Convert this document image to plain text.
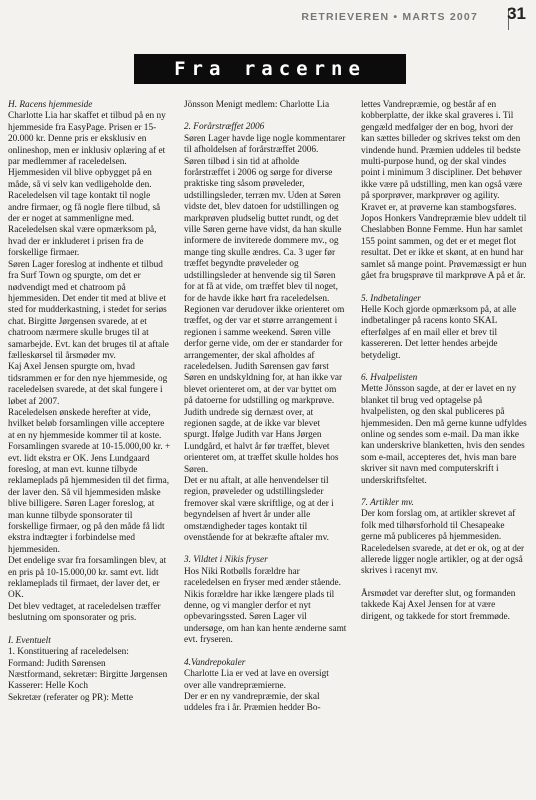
RETRIEVEREN • MARTS 2007 31
Fra racerne

H. Racens hjemmeside

Charlotte Lia har skaffet et tilbud på en ny hjemmeside fra EasyPage. Prisen er 15-20.000 kr. Denne pris er eksklusiv en onlineshop, men er inklusiv oplæring af et par medlemmer af raceledelsen. Hjemmesiden vil blive opbygget på en måde, så vi selv kan vedligeholde den. Raceledelsen vil tage kontakt til nogle andre firmaer, og få nogle flere tilbud, så der er noget at sammenligne med. Raceledelsen skal være opmærksom på, hvad der er inkluderet i prisen fra de forskellige firmaer.

Søren Lager foreslog at indhente et tilbud fra Surf Town og spurgte, om det er nødvendigt med et chatroom på hjemmesiden. Det ender tit med at blive et sted for mudderkastning, i stedet for seriøs chat. Birgitte Jørgensen svarede, at et chatroom nærmere skulle bruges til at samarbejde. Evt. kan det bruges til at aftale fælleskørsel til årsmøder mv.

Kaj Axel Jensen spurgte om, hvad tidsrammen er for den nye hjemmeside, og raceledelsen svarede, at det skal fungere i løbet af 2007.

Raceledelsen ønskede herefter at vide, hvilket beløb forsamlingen ville acceptere at en ny hjemmeside kommer til at koste. Forsamlingen svarede at 10-15.000,00 kr. + evt. lidt ekstra er OK. Jens Lundgaard foreslog, at man evt. kunne tilbyde reklameplads på hjemmesiden til det firma, der laver den. Så vil hjemmesiden måske blive billigere. Søren Lager foreslog, at man kunne tilbyde sponsorater til forskellige firmaer, og på den måde få lidt ekstra indtægter i forbindelse med hjemmesiden.

Det endelige svar fra forsamlingen blev, at en pris på 10-15.000,00 kr. samt evt. lidt reklameplads til firmaet, der laver det, er OK.

Det blev vedtaget, at raceledelsen træffer beslutning om sponsorater og pris.

I. Eventuelt

1. Konstituering af raceledelsen:

Formand: Judith Sørensen

Næstformand, sekretær: Birgitte Jørgensen

Kasserer: Helle Koch

Sekretær (referater og PR): Mette

Jönsson Menigt medlem: Charlotte Lia

2. Forårstræffet 2006

Søren Lager havde lige nogle kommentarer til afholdelsen af forårstræffet 2006.

Søren tilbød i sin tid at afholde forårstræffet i 2006 og sørge for diverse praktiske ting såsom prøveleder, udstillingsleder, terræn mv. Uden at Søren vidste det, blev datoen for udstillingen og markprøven pludselig buttet rundt, og det ville Søren gerne have vidst, da han skulle informere de inviterede dommere mv., og mange ting skulle ændres. Ca. 3 uger før træffet begyndte prøveleder og udstillingsleder at henvende sig til Søren for at få at vide, om træffet blev til noget, for de havde ikke hørt fra raceledelsen.

Regionen var derudover ikke orienteret om træffet, og der var et større arrangement i regionen i samme weekend. Søren ville derfor gerne vide, om der er standarder for arrangementer, der skal afholdes af raceledelsen. Judith Sørensen gav først Søren en undskyldning for, at han ikke var blevet orienteret om, at der var byttet om på datoerne for udstilling og markprøve. Judith undrede sig dernæst over, at regionen sagde, at de ikke var blevet spurgt. Ifølge Judith var Hans Jørgen Lundgård, et halvt år før træffet, blevet orienteret om, at træffet skulle holdes hos Søren.

Det er nu aftalt, at alle henvendelser til region, prøveleder og udstillingsleder fremover skal være skriftlige, og at der i begyndelsen af hvert år under alle omstændigheder tages kontakt til ovenstående for at bekræfte aftaler mv.

3. Vildtet i Nikis fryser

Hos Niki Rotbølls forældre har raceledelsen en fryser med ænder stående. Nikis forældre har ikke længere plads til denne, og vi mangler derfor et nyt opbevaringssted. Søren Lager vil undersøge, om han kan hente ænderne samt evt. fryseren.

4.Vandrepokaler

Charlotte Lia er ved at lave en oversigt over alle vandrepræmierne.

Der er en ny vandrepræmie, der skal uddeles fra i år. Præmien hedder Bo-

lettes Vandrepræmie, og består af en kobberplatte, der ikke skal graveres i. Til gengæld medfølger der en bog, hvori der kan sættes billeder og skrives tekst om den vindende hund. Præmien uddeles til bedste multi-purpose hund, og der skal vindes point i minimum 3 discipliner. Det behøver ikke være på udstilling, men kan også være på sporprøver, markprøver og agility. Kravet er, at prøverne kan stambogsføres.

Jopos Honkers Vandrepræmie blev uddelt til Cheslabben Bonne Femme. Hun har samlet 155 point sammen, og det er et meget flot resultat. Det er ikke et skønt, at en hund har samlet så mange point. Prøvemæssigt er hun gået fra brugsprøve til markprøve A på et år.

5. Indbetalinger

Helle Koch gjorde opmærksom på, at alle indbetalinger på racens konto SKAL efterfølges af en mail eller et brev til kassereren. Det letter hendes arbejde betydeligt.

6. Hvalpelisten

Mette Jönsson sagde, at der er lavet en ny blanket til brug ved optagelse på hvalpelisten, og den skal publiceres på hjemmesiden. Den må gerne kunne udfyldes online og sendes som e-mail. Da man ikke kan underskrive blanketten, hvis den sendes som e-mail, accepteres det, hvis man bare skriver sit navn med computerskrift i underskriftsfeltet.

7. Artikler mv.

Der kom forslag om, at artikler skrevet af folk med tilhørsforhold til Chesapeake gerne må publiceres på hjemmesiden. Raceledelsen svarede, at det er ok, og at der allerede ligger nogle artikler, og at der også skrives i racenyt mv.

Årsmødet var derefter slut, og formanden takkede Kaj Axel Jensen for at være dirigent, og takkede for stort fremmøde.
